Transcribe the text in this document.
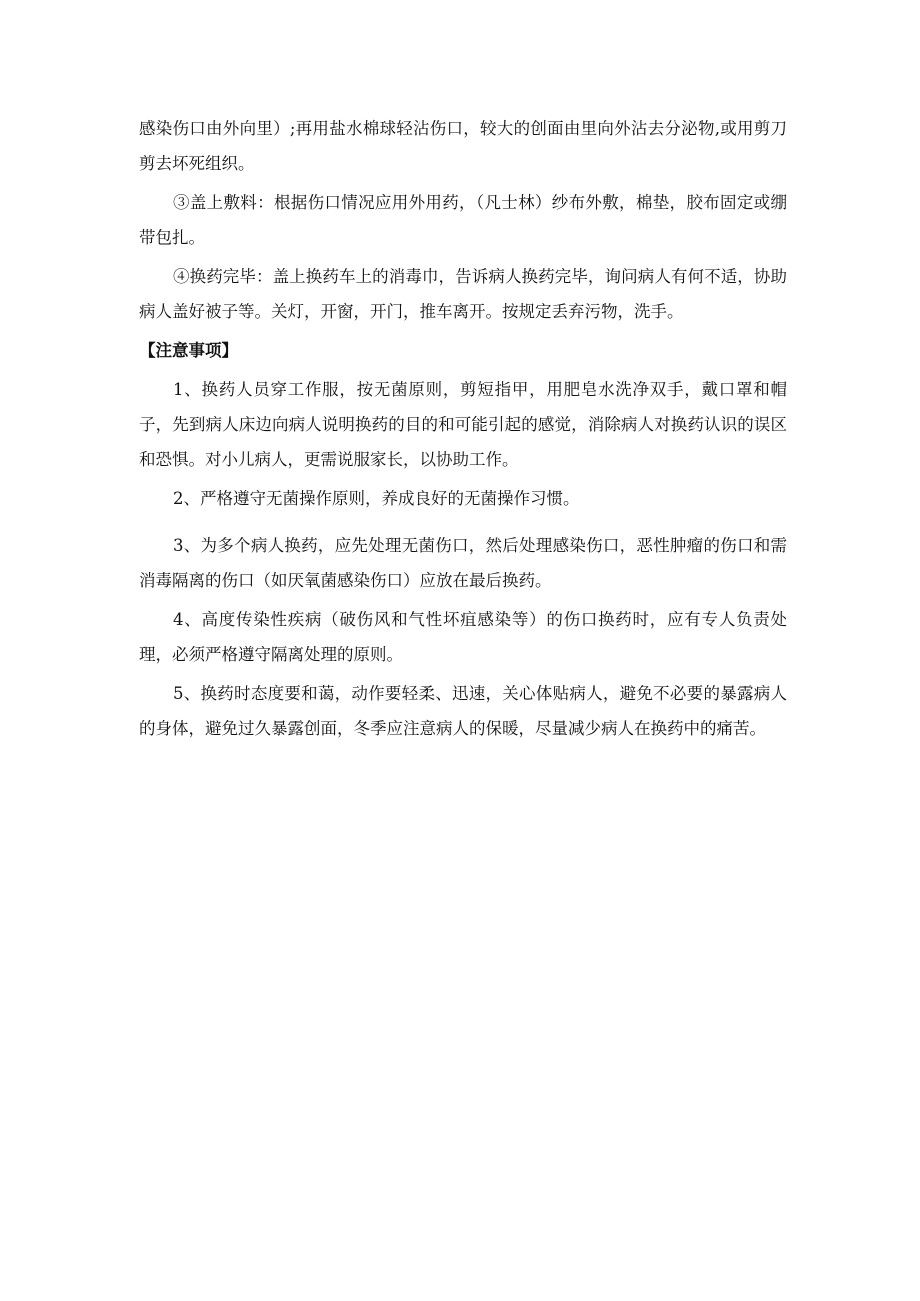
感染伤口由外向里）;再用盐水棉球轻沾伤口，较大的创面由里向外沾去分泌物,或用剪刀剪去坏死组织。

③盖上敷料：根据伤口情况应用外用药，（凡士林）纱布外敷，棉垫，胶布固定或绷带包扎。

④换药完毕：盖上换药车上的消毒巾，告诉病人换药完毕，询问病人有何不适，协助病人盖好被子等。关灯，开窗，开门，推车离开。按规定丢弃污物，洗手。

【注意事项】

1、换药人员穿工作服，按无菌原则，剪短指甲，用肥皂水洗净双手，戴口罩和帽子，先到病人床边向病人说明换药的目的和可能引起的感觉，消除病人对换药认识的误区和恐惧。对小儿病人，更需说服家长，以协助工作。

2、严格遵守无菌操作原则，养成良好的无菌操作习惯。

3、为多个病人换药，应先处理无菌伤口，然后处理感染伤口，恶性肿瘤的伤口和需消毒隔离的伤口（如厌氧菌感染伤口）应放在最后换药。

4、高度传染性疾病（破伤风和气性坏疽感染等）的伤口换药时，应有专人负责处理，必须严格遵守隔离处理的原则。

5、换药时态度要和蔼，动作要轻柔、迅速，关心体贴病人，避免不必要的暴露病人的身体，避免过久暴露创面，冬季应注意病人的保暖，尽量减少病人在换药中的痛苦。
